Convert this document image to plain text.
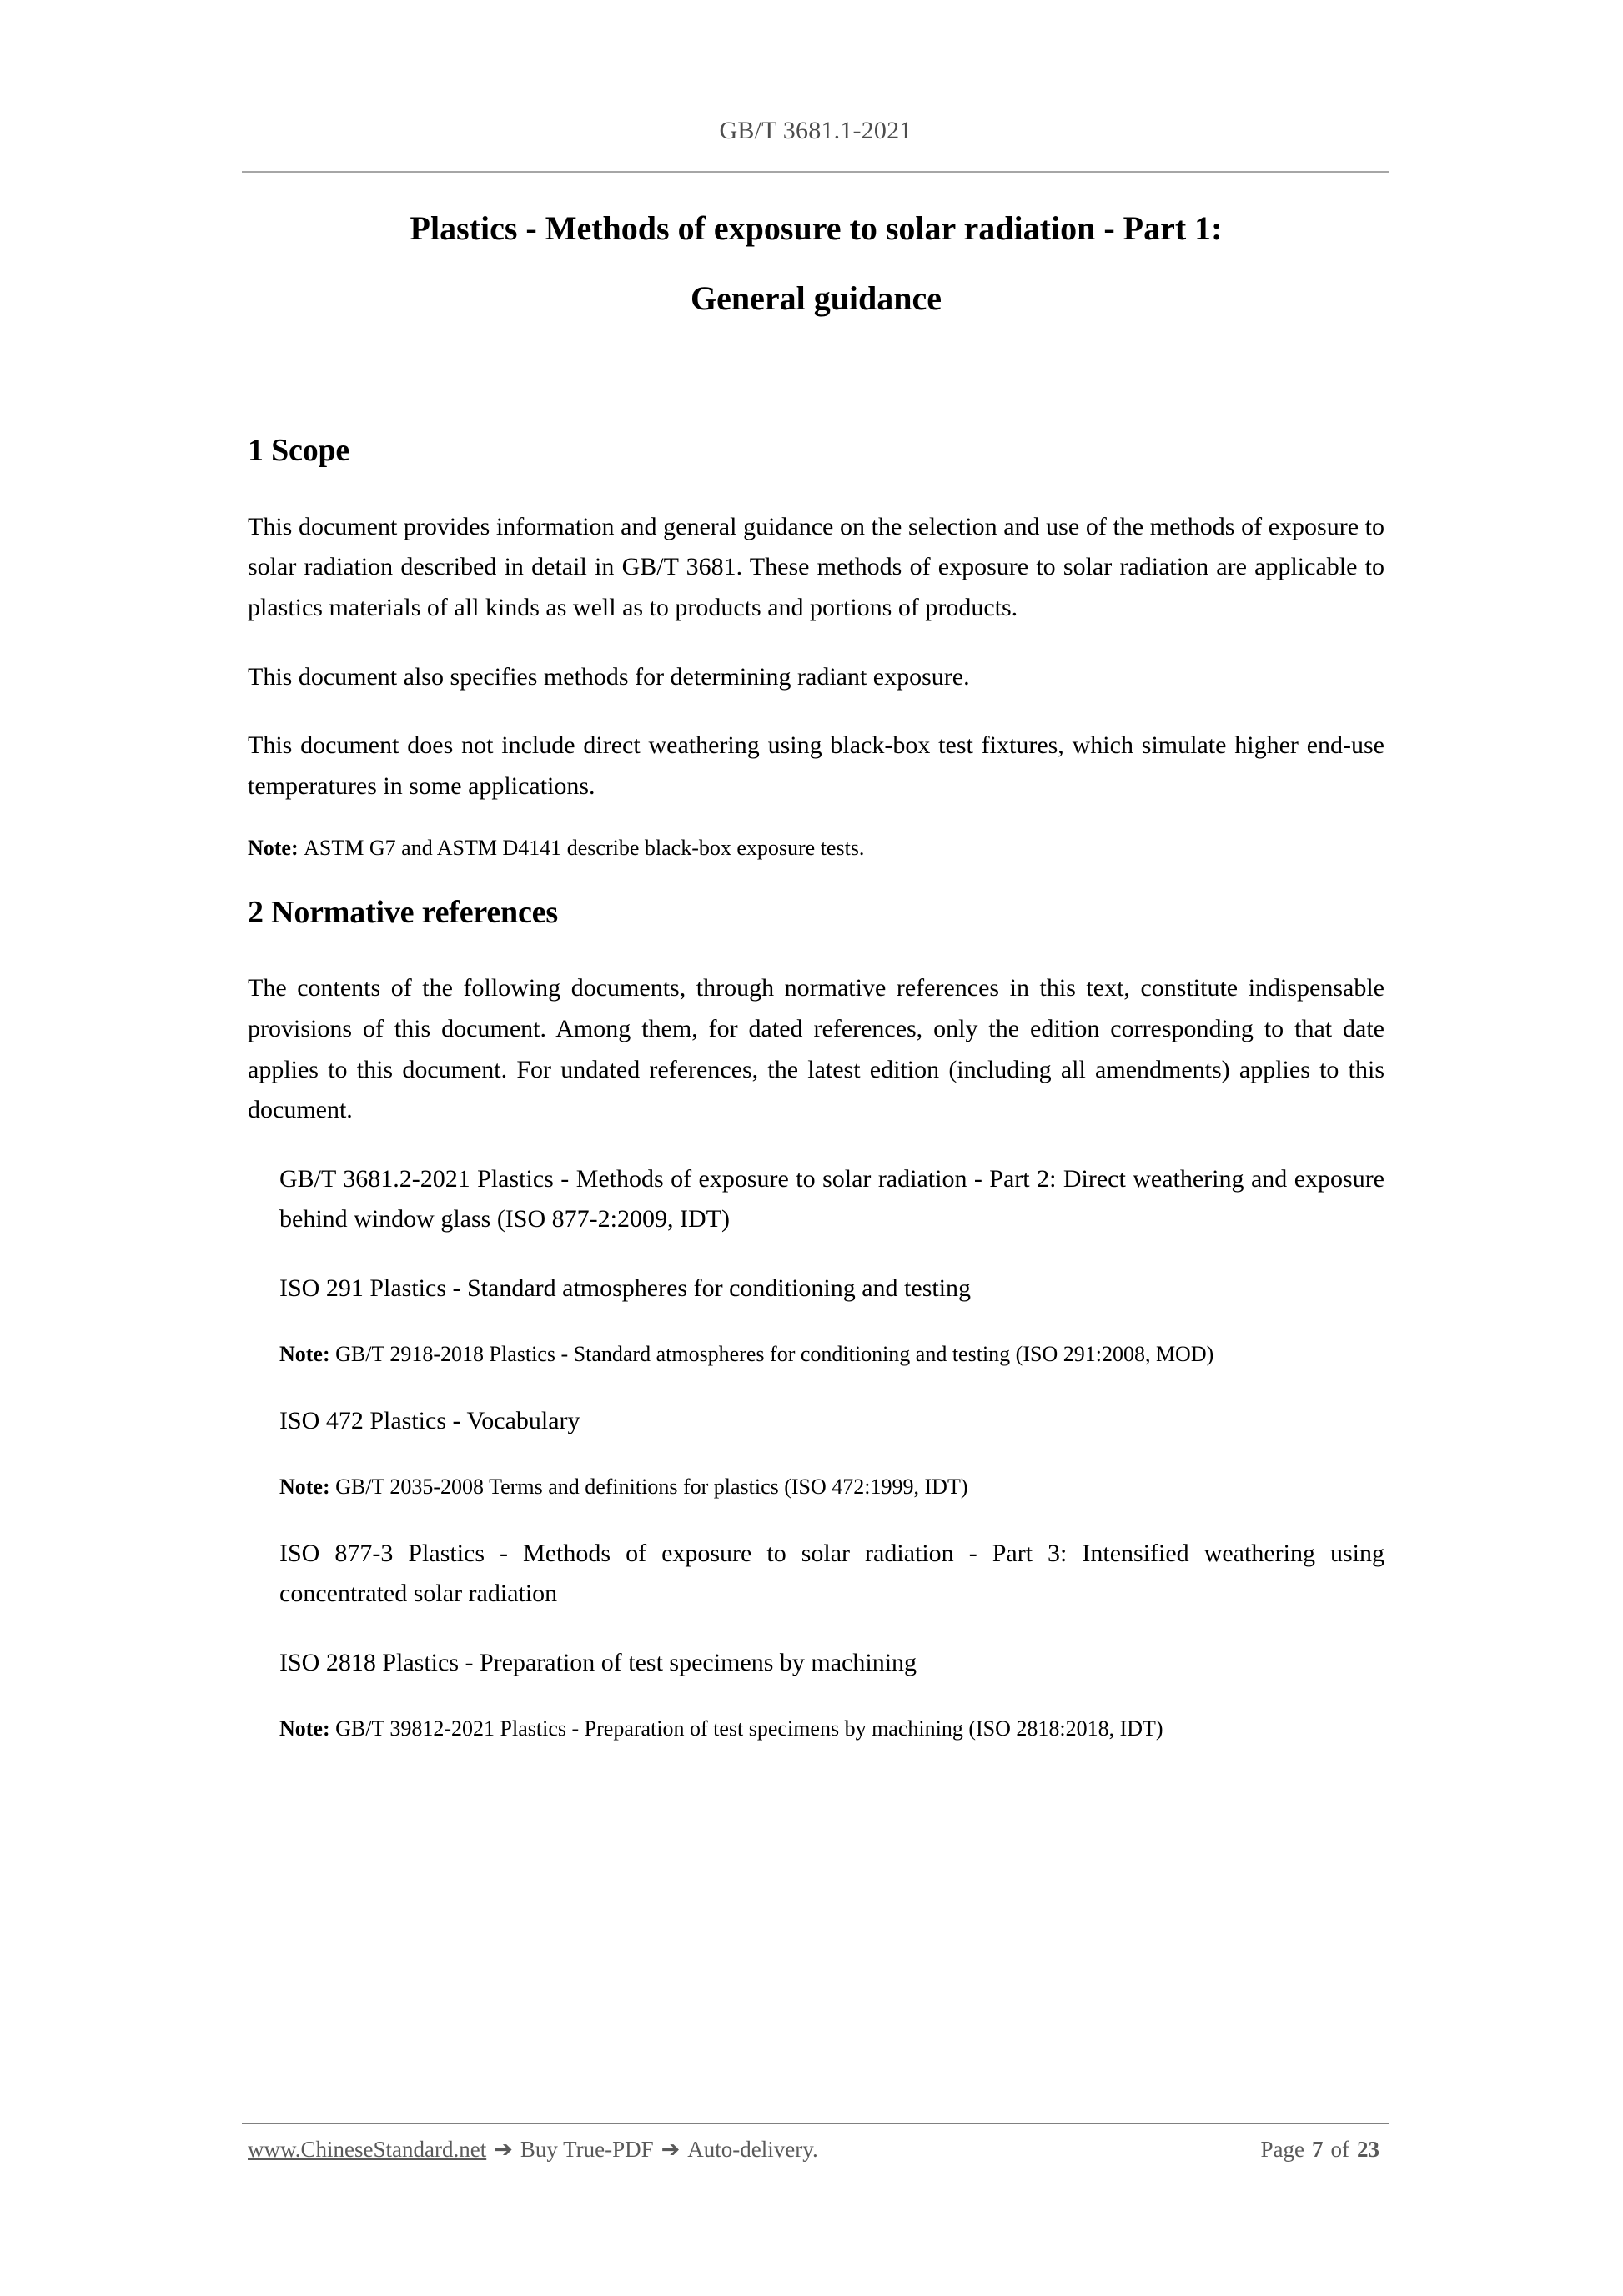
GB/T 3681.1-2021
Plastics - Methods of exposure to solar radiation - Part 1:
General guidance
1 Scope

This document provides information and general guidance on the selection and use of the methods of exposure to solar radiation described in detail in GB/T 3681. These methods of exposure to solar radiation are applicable to plastics materials of all kinds as well as to products and portions of products.

This document also specifies methods for determining radiant exposure.

This document does not include direct weathering using black-box test fixtures, which simulate higher end-use temperatures in some applications.

Note: ASTM G7 and ASTM D4141 describe black-box exposure tests.

2 Normative references

The contents of the following documents, through normative references in this text, constitute indispensable provisions of this document. Among them, for dated references, only the edition corresponding to that date applies to this document. For undated references, the latest edition (including all amendments) applies to this document.

GB/T 3681.2-2021 Plastics - Methods of exposure to solar radiation - Part 2: Direct weathering and exposure behind window glass (ISO 877-2:2009, IDT)

ISO 291 Plastics - Standard atmospheres for conditioning and testing

Note: GB/T 2918-2018 Plastics - Standard atmospheres for conditioning and testing (ISO 291:2008, MOD)

ISO 472 Plastics - Vocabulary

Note: GB/T 2035-2008 Terms and definitions for plastics (ISO 472:1999, IDT)

ISO 877-3 Plastics - Methods of exposure to solar radiation - Part 3: Intensified weathering using concentrated solar radiation

ISO 2818 Plastics - Preparation of test specimens by machining

Note: GB/T 39812-2021 Plastics - Preparation of test specimens by machining (ISO 2818:2018, IDT)

www.ChineseStandard.net ➔ Buy True-PDF ➔ Auto-delivery.	Page 7 of 23
